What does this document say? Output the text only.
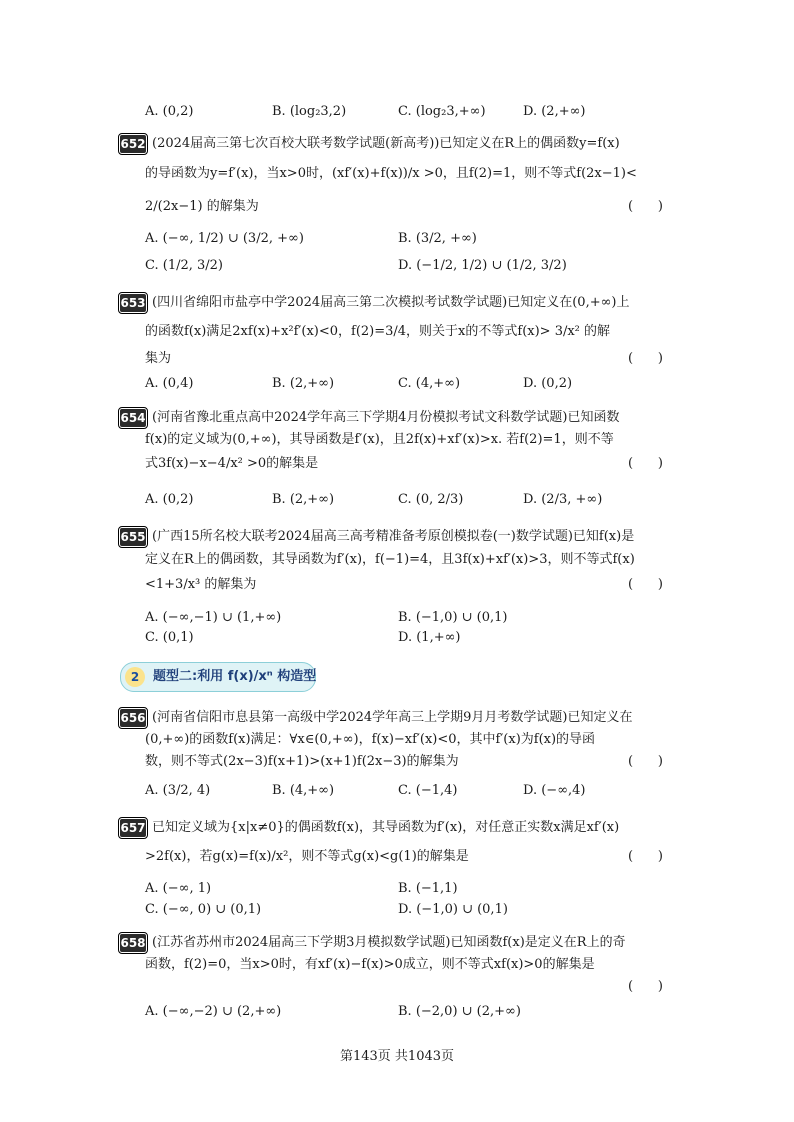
A. (0,2)	B. (log₂3,2)	C. (log₂3,+∞)	D. (2,+∞)
652 (2024届高三第七次百校大联考数学试题(新高考))已知定义在R上的偶函数y=f(x)
的导函数为y=f′(x)，当x>0时，(xf′(x)+f(x))/x >0，且f(2)=1，则不等式f(2x−1)<
2/(2x−1) 的解集为	(      )
A. (−∞, 1/2) ∪ (3/2, +∞)	B. (3/2, +∞)
C. (1/2, 3/2)	D. (−1/2, 1/2) ∪ (1/2, 3/2)
653 (四川省绵阳市盐亭中学2024届高三第二次模拟考试数学试题)已知定义在(0,+∞)上
的函数f(x)满足2xf(x)+x²f′(x)<0，f(2)=3/4，则关于x的不等式f(x)> 3/x² 的解
集为	(      )
A. (0,4)	B. (2,+∞)	C. (4,+∞)	D. (0,2)
654 (河南省豫北重点高中2024学年高三下学期4月份模拟考试文科数学试题)已知函数
f(x)的定义域为(0,+∞)，其导函数是f′(x)，且2f(x)+xf′(x)>x. 若f(2)=1，则不等
式3f(x)−x−4/x² >0的解集是	(      )
A. (0,2)	B. (2,+∞)	C. (0, 2/3)	D. (2/3, +∞)
655 (广西15所名校大联考2024届高三高考精准备考原创模拟卷(一)数学试题)已知f(x)是
定义在R上的偶函数，其导函数为f′(x)，f(−1)=4，且3f(x)+xf′(x)>3，则不等式f(x)
<1+3/x³ 的解集为	(      )
A. (−∞,−1) ∪ (1,+∞)	B. (−1,0) ∪ (0,1)
C. (0,1)	D. (1,+∞)
2	题型二:利用 f(x)/xⁿ 构造型
656 (河南省信阳市息县第一高级中学2024学年高三上学期9月月考数学试题)已知定义在
(0,+∞)的函数f(x)满足：∀x∈(0,+∞)，f(x)−xf′(x)<0，其中f′(x)为f(x)的导函
数，则不等式(2x−3)f(x+1)>(x+1)f(2x−3)的解集为	(      )
A. (3/2, 4)	B. (4,+∞)	C. (−1,4)	D. (−∞,4)
657 已知定义域为{x|x≠0}的偶函数f(x)，其导函数为f′(x)，对任意正实数x满足xf′(x)
>2f(x)，若g(x)=f(x)/x²，则不等式g(x)<g(1)的解集是	(      )
A. (−∞, 1)	B. (−1,1)
C. (−∞, 0) ∪ (0,1)	D. (−1,0) ∪ (0,1)
658 (江苏省苏州市2024届高三下学期3月模拟数学试题)已知函数f(x)是定义在R上的奇
函数，f(2)=0，当x>0时，有xf′(x)−f(x)>0成立，则不等式xf(x)>0的解集是
(      )
A. (−∞,−2) ∪ (2,+∞)	B. (−2,0) ∪ (2,+∞)
第143页 共1043页
